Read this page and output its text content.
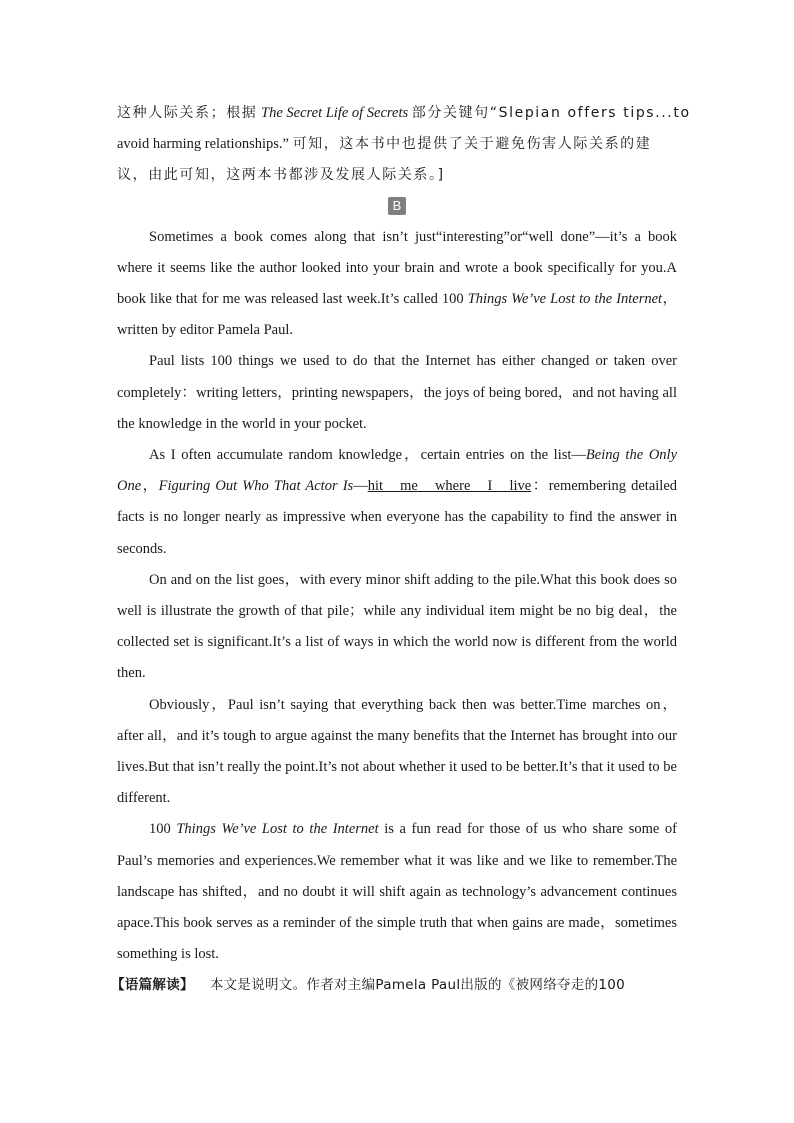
这种人际关系；根据 The Secret Life of Secrets 部分关键句“Slepian offers tips...to
avoid harming relationships.” 可知，这本书中也提供了关于避免伤害人际关系的建
议，由此可知，这两本书都涉及发展人际关系。]
B

Sometimes a book comes along that isn’t just“interesting”or“well done”—it’s a book where it seems like the author looked into your brain and wrote a book specifically for you.A book like that for me was released last week.It’s called 100 Things We’ve Lost to the Internet， written by editor Pamela Paul.

Paul lists 100 things we used to do that the Internet has either changed or taken over completely：writing letters，printing newspapers，the joys of being bored，and not having all the knowledge in the world in your pocket.

As I often accumulate random knowledge，certain entries on the list—Being the Only One，Figuring Out Who That Actor Is—hit me where I live：remembering detailed facts is no longer nearly as impressive when everyone has the capability to find the answer in seconds.

On and on the list goes，with every minor shift adding to the pile.What this book does so well is illustrate the growth of that pile；while any individual item might be no big deal，the collected set is significant.It’s a list of ways in which the world now is different from the world then.

Obviously，Paul isn’t saying that everything back then was better.Time marches on，after all，and it’s tough to argue against the many benefits that the Internet has brought into our lives.But that isn’t really the point.It’s not about whether it used to be better.It’s that it used to be different.

100 Things We’ve Lost to the Internet is a fun read for those of us who share some of Paul’s memories and experiences.We remember what it was like and we like to remember.The landscape has shifted，and no doubt it will shift again as technology’s advancement continues apace.This book serves as a reminder of the simple truth that when gains are made，sometimes something is lost.

【语篇解读】 本文是说明文。作者对主编Pamela Paul出版的《被网络夺走的100
